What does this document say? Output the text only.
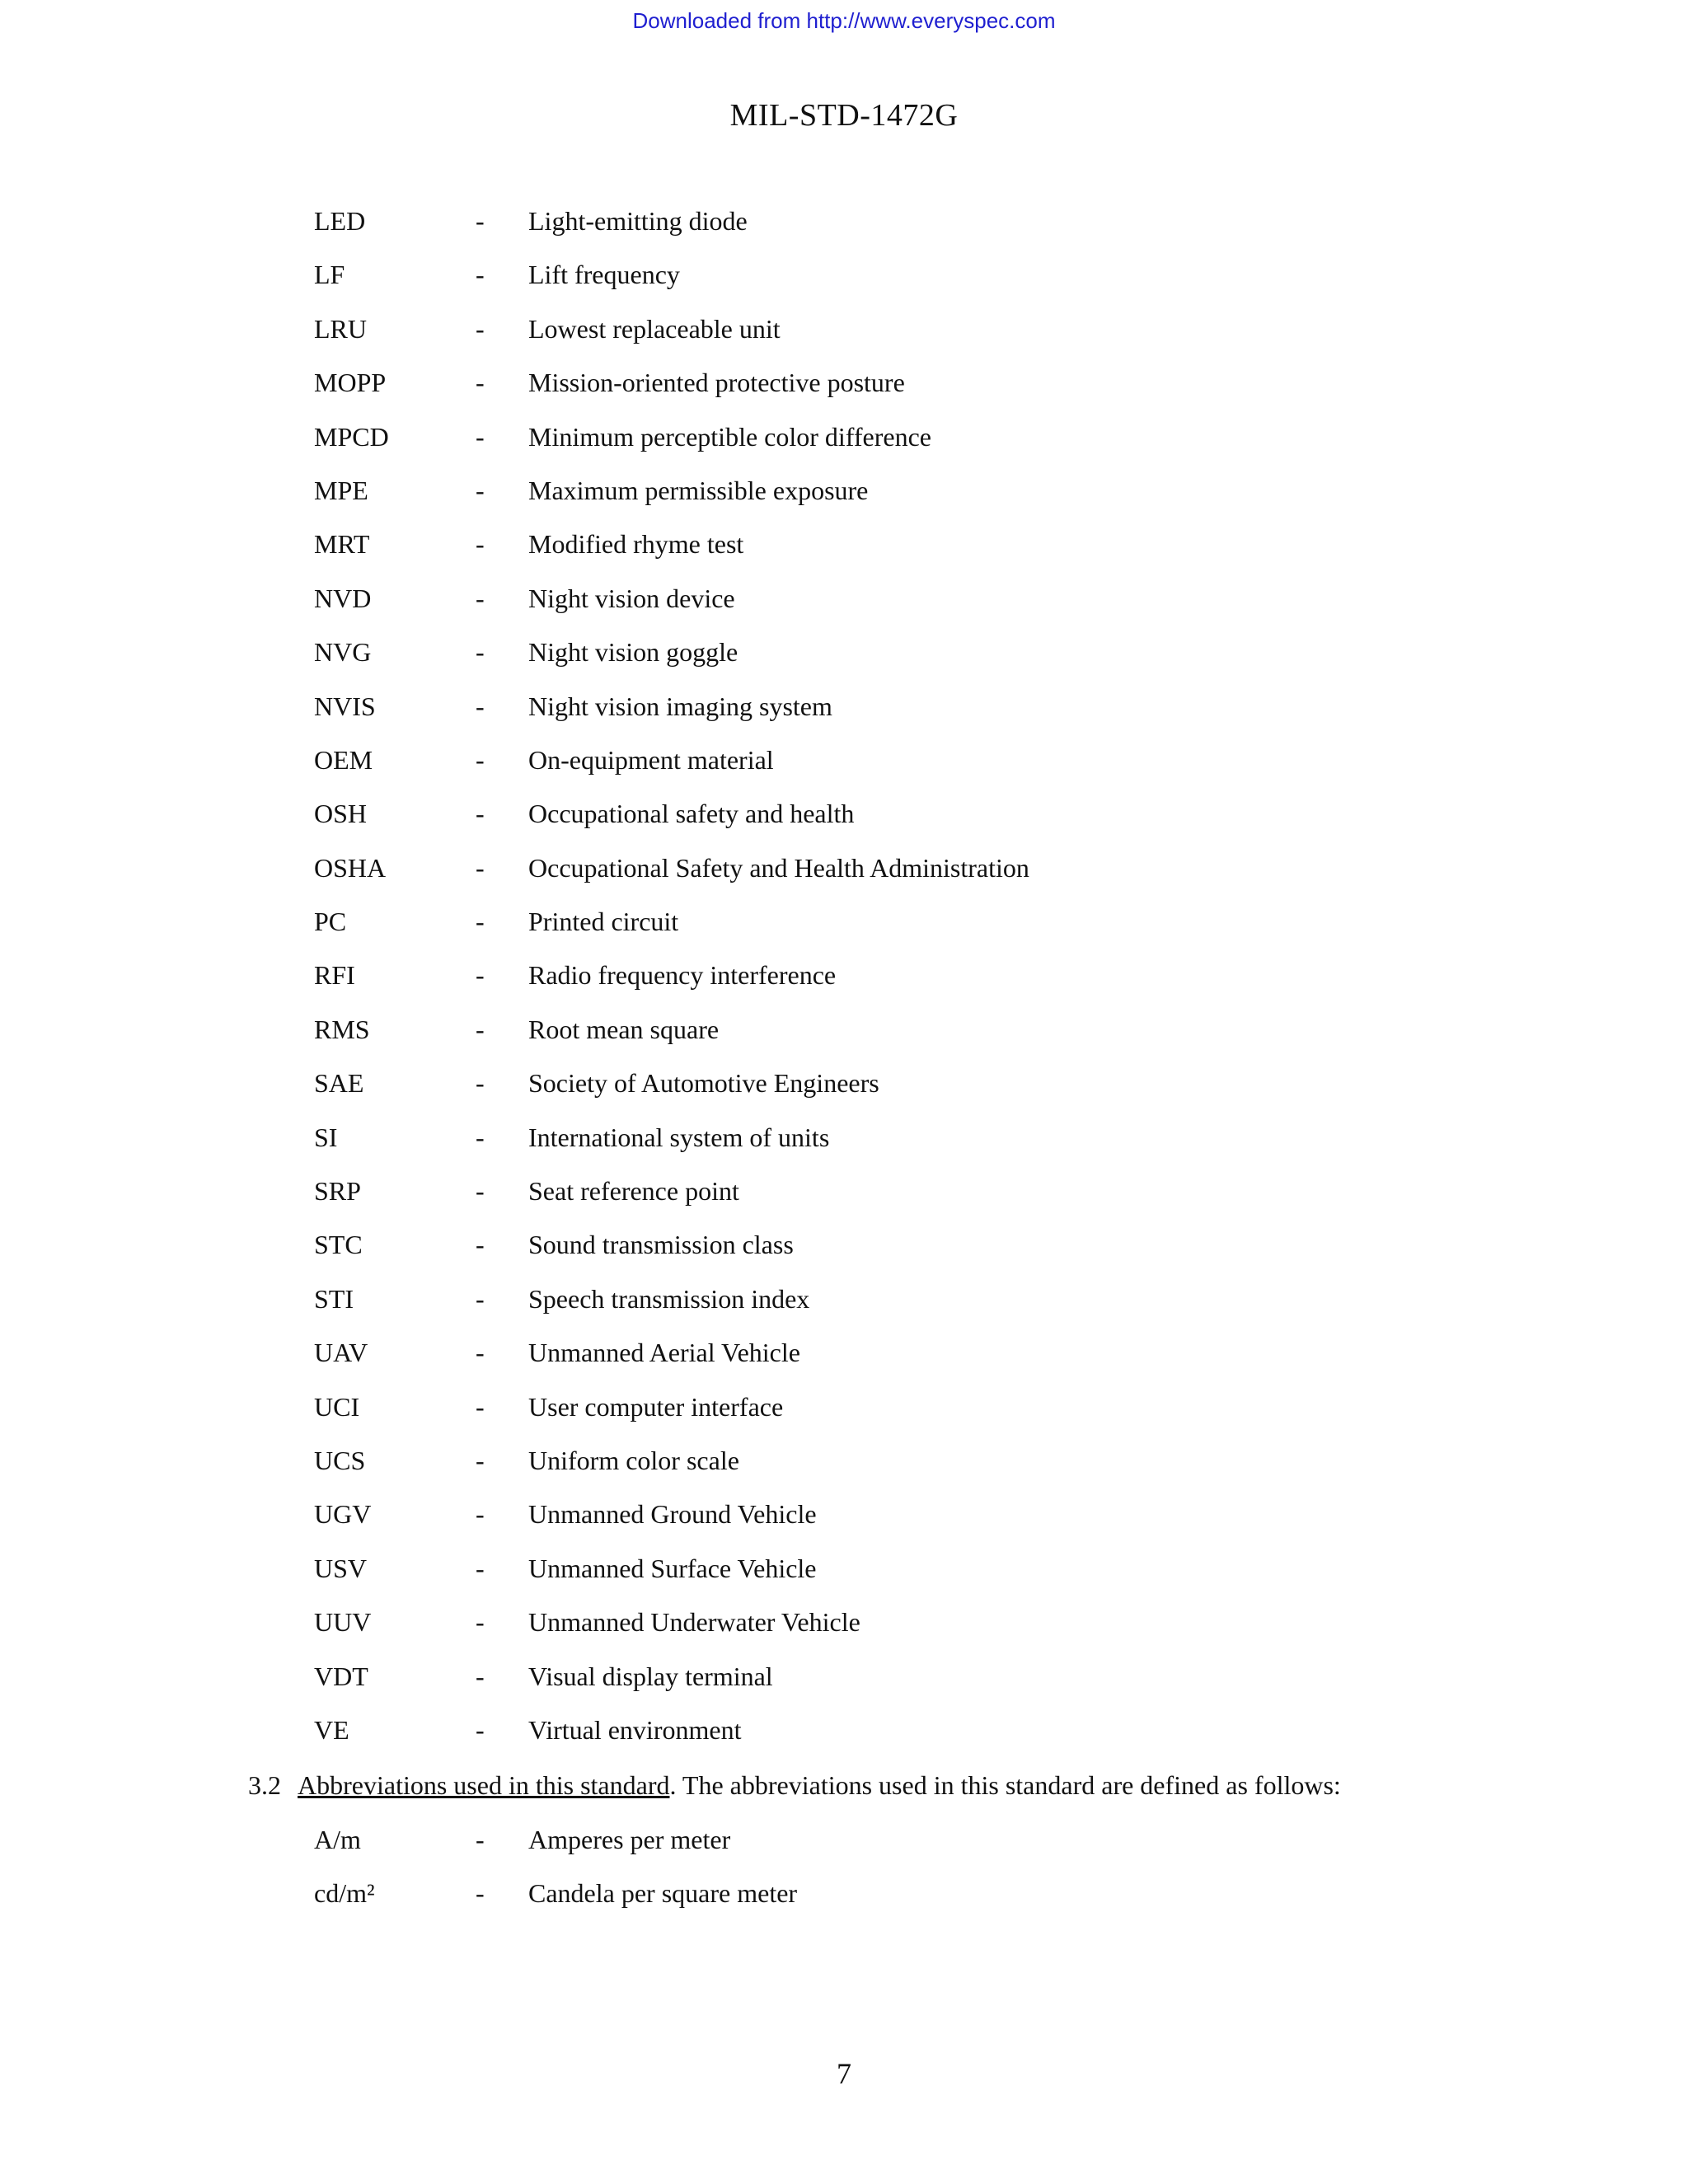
Downloaded from http://www.everyspec.com
MIL-STD-1472G
LED	-	Light-emitting diode
LF	-	Lift frequency
LRU	-	Lowest replaceable unit
MOPP	-	Mission-oriented protective posture
MPCD	-	Minimum perceptible color difference
MPE	-	Maximum permissible exposure
MRT	-	Modified rhyme test
NVD	-	Night vision device
NVG	-	Night vision goggle
NVIS	-	Night vision imaging system
OEM	-	On-equipment material
OSH	-	Occupational safety and health
OSHA	-	Occupational Safety and Health Administration
PC	-	Printed circuit
RFI	-	Radio frequency interference
RMS	-	Root mean square
SAE	-	Society of Automotive Engineers
SI	-	International system of units
SRP	-	Seat reference point
STC	-	Sound transmission class
STI	-	Speech transmission index
UAV	-	Unmanned Aerial Vehicle
UCI	-	User computer interface
UCS	-	Uniform color scale
UGV	-	Unmanned Ground Vehicle
USV	-	Unmanned Surface Vehicle
UUV	-	Unmanned Underwater Vehicle
VDT	-	Visual display terminal
VE	-	Virtual environment
3.2 Abbreviations used in this standard. The abbreviations used in this standard are defined as follows:
A/m	-	Amperes per meter
cd/m²	-	Candela per square meter
7
